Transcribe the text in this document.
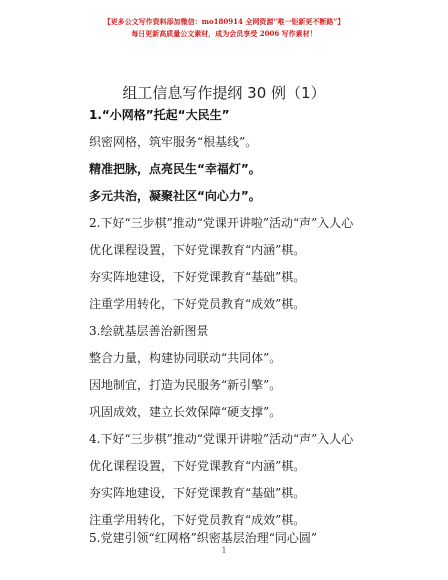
【更多公文写作资料添加微信：mo180914 全网资源“唯一钜新更不断路”】
每日更新高质量公文素材，成为会员享受 2006 写作素材！
组工信息写作提纲 30 例（1）
1.“小网格”托起“大民生”
织密网格，筑牢服务“根基线”。
精准把脉，点亮民生“幸福灯”。
多元共治，凝聚社区“向心力”。
2.下好“三步棋”推动“党课开讲啦”活动“声”入人心
优化课程设置，下好党课教育“内涵”棋。
夯实阵地建设，下好党课教育“基础”棋。
注重学用转化，下好党员教育“成效”棋。
3.绘就基层善治新图景
整合力量，构建协同联动“共同体”。
因地制宜，打造为民服务“新引擎”。
巩固成效，建立长效保障“硬支撑”。
4.下好“三步棋”推动“党课开讲啦”活动“声”入人心
优化课程设置，下好党课教育“内涵”棋。
夯实阵地建设，下好党课教育“基础”棋。
注重学用转化，下好党员教育“成效”棋。
5.党建引领“红网格”织密基层治理“同心圆”
1
